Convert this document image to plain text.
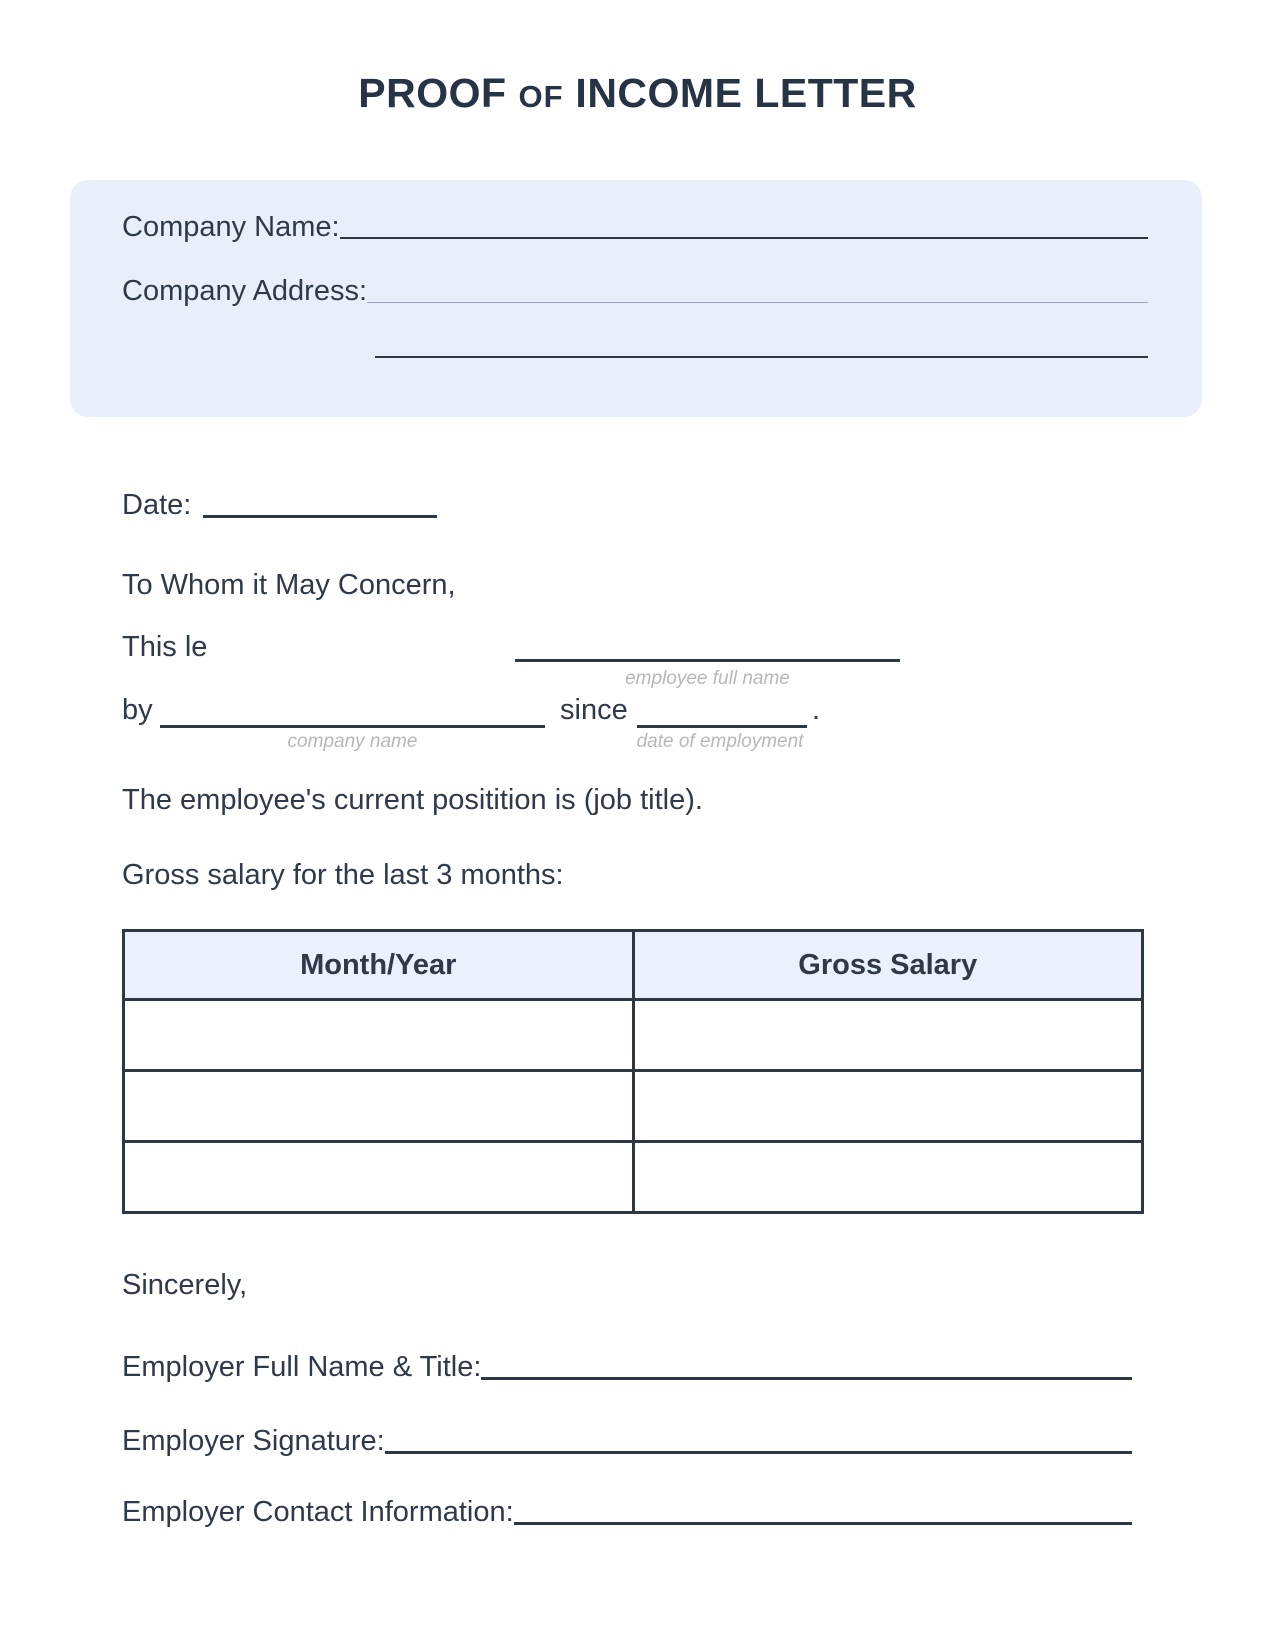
PROOF OF INCOME LETTER
Company Name:
Company Address:
Date:
To Whom it May Concern,
This le
employee full name
by	since	.
company name	date of employment
The employee's current positition is (job title).
Gross salary for the last 3 months:
Month/Year	Gross Salary

Sincerely,
Employer Full Name & Title:
Employer Signature:
Employer Contact Information:
